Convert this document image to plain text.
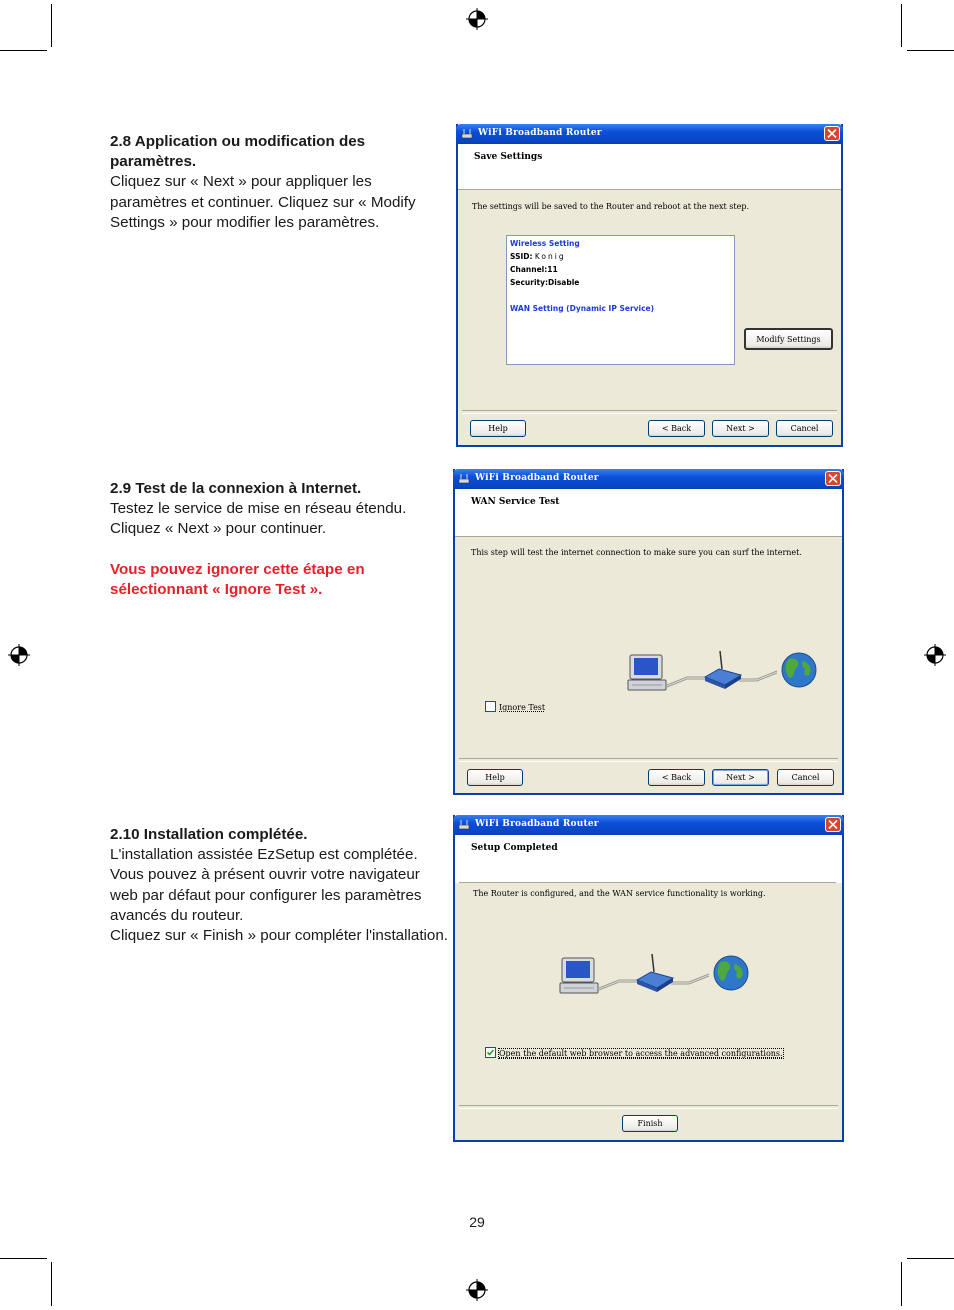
2.8 Application ou modification des paramètres.

Cliquez sur « Next » pour appliquer les paramètres et continuer. Cliquez sur « Modify Settings » pour modifier les paramètres.

WiFi Broadband Router
Save Settings
The settings will be saved to the Router and reboot at the next step.
Wireless Setting
SSID: Konig
Channel:11
Security:Disable
WAN Setting (Dynamic IP Service)
Modify Settings
Help	< Back	Next >	Cancel

2.9 Test de la connexion à Internet.

Testez le service de mise en réseau étendu.

Cliquez « Next » pour continuer.

Vous pouvez ignorer cette étape en sélectionnant « Ignore Test ».

WiFi Broadband Router
WAN Service Test
This step will test the internet connection to make sure you can surf the internet.
Ignore Test
Help	< Back	Next >	Cancel

2.10 Installation complétée.

L'installation assistée EzSetup est complétée. Vous pouvez à présent ouvrir votre navigateur web par défaut pour configurer les paramètres avancés du routeur.

Cliquez sur « Finish » pour compléter l'installation.

WiFi Broadband Router
Setup Completed
The Router is configured, and the WAN service functionality is working.
Open the default web browser to access the advanced configurations.
Finish
29
